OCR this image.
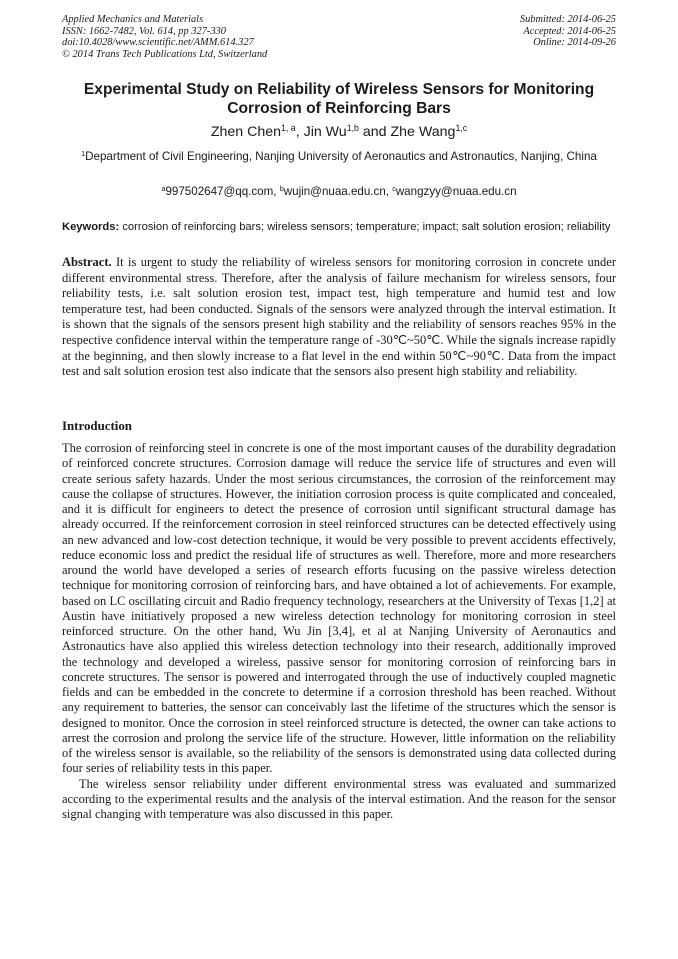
Applied Mechanics and Materials
ISSN: 1662-7482, Vol. 614, pp 327-330
doi:10.4028/www.scientific.net/AMM.614.327
© 2014 Trans Tech Publications Ltd, Switzerland
Submitted: 2014-06-25
Accepted: 2014-06-25
Online: 2014-09-26
Experimental Study on Reliability of Wireless Sensors for Monitoring Corrosion of Reinforcing Bars
Zhen Chen$^{1, a}$, Jin Wu$^{1,b}$ and Zhe Wang$^{1,c}$
$^1$Department of Civil Engineering, Nanjing University of Aeronautics and Astronautics, Nanjing, China
$^a$997502647@qq.com, $^b$wujin@nuaa.edu.cn, $^c$wangzyy@nuaa.edu.cn
Keywords: corrosion of reinforcing bars; wireless sensors; temperature; impact; salt solution erosion; reliability
Abstract. It is urgent to study the reliability of wireless sensors for monitoring corrosion in concrete under different environmental stress. Therefore, after the analysis of failure mechanism for wireless sensors, four reliability tests, i.e. salt solution erosion test, impact test, high temperature and humid test and low temperature test, had been conducted. Signals of the sensors were analyzed through the interval estimation. It is shown that the signals of the sensors present high stability and the reliability of sensors reaches 95% in the respective confidence interval within the temperature range of -30℃~50℃. While the signals increase rapidly at the beginning, and then slowly increase to a flat level in the end within 50℃~90℃. Data from the impact test and salt solution erosion test also indicate that the sensors also present high stability and reliability.
Introduction

The corrosion of reinforcing steel in concrete is one of the most important causes of the durability degradation of reinforced concrete structures. Corrosion damage will reduce the service life of structures and even will create serious safety hazards. Under the most serious circumstances, the corrosion of the reinforcement may cause the collapse of structures. However, the initiation corrosion process is quite complicated and concealed, and it is difficult for engineers to detect the presence of corrosion until significant structural damage has already occurred. If the reinforcement corrosion in steel reinforced structures can be detected effectively using an new advanced and low-cost detection technique, it would be very possible to prevent accidents effectively, reduce economic loss and predict the residual life of structures as well. Therefore, more and more researchers around the world have developed a series of research efforts fucusing on the passive wireless detection technique for monitoring corrosion of reinforcing bars, and have obtained a lot of achievements. For example, based on LC oscillating circuit and Radio frequency technology, researchers at the University of Texas [1,2] at Austin have initiatively proposed a new wireless detection technology for monitoring corrosion in steel reinforced structure. On the other hand, Wu Jin [3,4], et al at Nanjing University of Aeronautics and Astronautics have also applied this wireless detection technology into their research, additionally improved the technology and developed a wireless, passive sensor for monitoring corrosion of reinforcing bars in concrete structures. The sensor is powered and interrogated through the use of inductively coupled magnetic fields and can be embedded in the concrete to determine if a corrosion threshold has been reached. Without any requirement to batteries, the sensor can conceivably last the lifetime of the structures which the sensor is designed to monitor. Once the corrosion in steel reinforced structure is detected, the owner can take actions to arrest the corrosion and prolong the service life of the structure. However, little information on the reliability of the wireless sensor is available, so the reliability of the sensors is demonstrated using data collected during four series of reliability tests in this paper.

The wireless sensor reliability under different environmental stress was evaluated and summarized according to the experimental results and the analysis of the interval estimation. And the reason for the sensor signal changing with temperature was also discussed in this paper.
